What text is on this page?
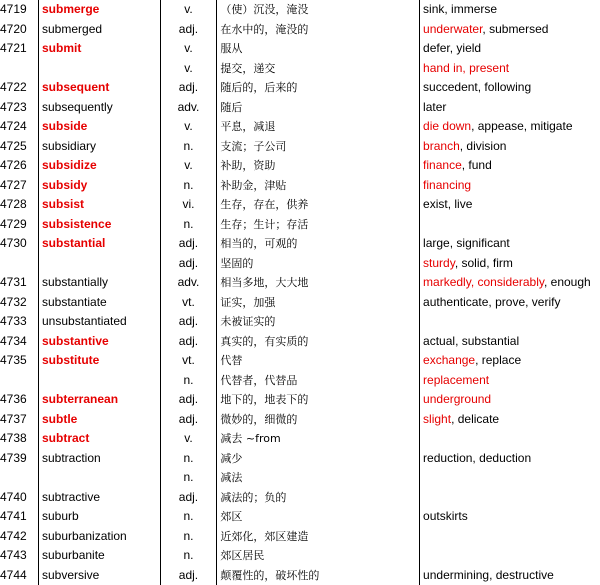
4719	submerge	v.	（使）沉没，淹没	sink, immerse
4720	submerged	adj.	在水中的，淹没的	underwater, submersed
4721	submit	v.	服从	defer, yield
		v.	提交，递交	hand in, present
4722	subsequent	adj.	随后的，后来的	succedent, following
4723	subsequently	adv.	随后	later
4724	subside	v.	平息，减退	die down, appease, mitigate
4725	subsidiary	n.	支流；子公司	branch, division
4726	subsidize	v.	补助，资助	finance, fund
4727	subsidy	n.	补助金，津贴	financing
4728	subsist	vi.	生存，存在，供养	exist, live
4729	subsistence	n.	生存；生计；存活	
4730	substantial	adj.	相当的，可观的	large, significant
		adj.	坚固的	sturdy, solid, firm
4731	substantially	adv.	相当多地，大大地	markedly, considerably, enough
4732	substantiate	vt.	证实，加强	authenticate, prove, verify
4733	unsubstantiated	adj.	未被证实的	
4734	substantive	adj.	真实的，有实质的	actual, substantial
4735	substitute	vt.	代替	exchange, replace
		n.	代替者，代替品	replacement
4736	subterranean	adj.	地下的，地表下的	underground
4737	subtle	adj.	微妙的，细微的	slight, delicate
4738	subtract	v.	减去 ~from	
4739	subtraction	n.	减少	reduction, deduction
		n.	减法	
4740	subtractive	adj.	减法的；负的	
4741	suburb	n.	郊区	outskirts
4742	suburbanization	n.	近郊化，郊区建造	
4743	suburbanite	n.	郊区居民	
4744	subversive	adj.	颠覆性的，破坏性的	undermining, destructive
